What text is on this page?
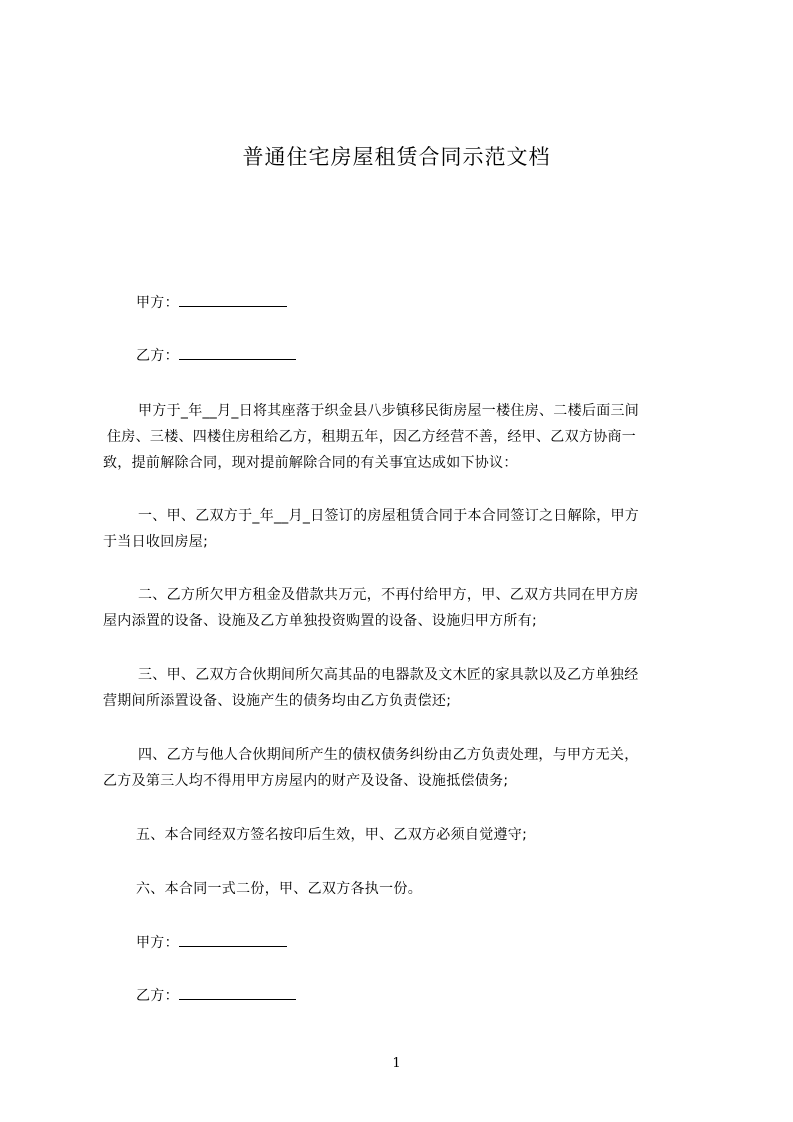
普通住宅房屋租赁合同示范文档
甲方：
乙方：
甲方于_年__月_日将其座落于织金县八步镇移民街房屋一楼住房、二楼后面三间
住房、三楼、四楼住房租给乙方，租期五年，因乙方经营不善，经甲、乙双方协商一
致，提前解除合同，现对提前解除合同的有关事宜达成如下协议：
一、甲、乙双方于_年__月_日签订的房屋租赁合同于本合同签订之日解除，甲方
于当日收回房屋;
二、乙方所欠甲方租金及借款共万元，不再付给甲方，甲、乙双方共同在甲方房
屋内添置的设备、设施及乙方单独投资购置的设备、设施归甲方所有;
三、甲、乙双方合伙期间所欠高其品的电器款及文木匠的家具款以及乙方单独经
营期间所添置设备、设施产生的债务均由乙方负责偿还;
四、乙方与他人合伙期间所产生的债权债务纠纷由乙方负责处理，与甲方无关，
乙方及第三人均不得用甲方房屋内的财产及设备、设施抵偿债务;
五、本合同经双方签名按印后生效，甲、乙双方必须自觉遵守;
六、本合同一式二份，甲、乙双方各执一份。
甲方：
乙方：
1
